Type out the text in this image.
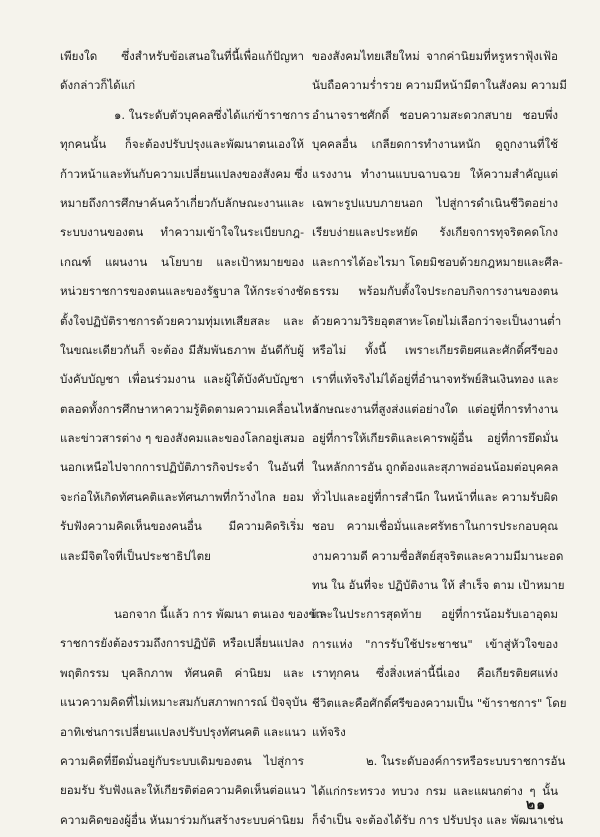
เพียงใด ซึ่งสำหรับข้อเสนอในที่นี้เพื่อแก้ปัญหา
ดังกล่าวก็ได้แก่
๑. ในระดับตัวบุคคลซึ่งได้แก่ข้าราชการ
ทุกคนนั้น ก็จะต้องปรับปรุงและพัฒนาตนเองให้
ก้าวหน้าและทันกับความเปลี่ยนแปลงของสังคม ซึ่ง
หมายถึงการศึกษาค้นคว้าเกี่ยวกับลักษณะงานและ
ระบบงานของตน ทำความเข้าใจในระเบียบกฎ-
เกณฑ์ แผนงาน นโยบาย และเป้าหมายของ
หน่วยราชการของตนและของรัฐบาล ให้กระจ่างชัด
ตั้งใจปฏิบัติราชการด้วยความทุ่มเทเสียสละ และ
ในขณะเดียวกันก็ จะต้อง มีสัมพันธภาพ อันดีกับผู้
บังคับบัญชา เพื่อนร่วมงาน และผู้ใต้บังคับบัญชา
ตลอดทั้งการศึกษาหาความรู้ติดตามความเคลื่อนไหว
และข่าวสารต่าง ๆ ของสังคมและของโลกอยู่เสมอ
นอกเหนือไปจากการปฏิบัติภารกิจประจำ ในอันที่
จะก่อให้เกิดทัศนคติและทัศนภาพที่กว้างไกล ยอม
รับฟังความคิดเห็นของคนอื่น มีความคิดริเริ่ม
และมีจิตใจที่เป็นประชาธิปไตย
นอกจาก นี้แล้ว การ พัฒนา ตนเอง ของข้า-
ราชการยังต้องรวมถึงการปฏิบัติ หรือเปลี่ยนแปลง
พฤติกรรม บุคลิกภาพ ทัศนคติ ค่านิยม และ
แนวความคิดที่ไม่เหมาะสมกับสภาพการณ์ ปัจจุบัน
อาทิเช่นการเปลี่ยนแปลงปรับปรุงทัศนคติ และแนว
ความคิดที่ยึดมั่นอยู่กับระบบเดิมของตน ไปสู่การ
ยอมรับ รับฟังและให้เกียรติต่อความคิดเห็นต่อแนว
ความคิดของผู้อื่น หันมาร่วมกันสร้างระบบค่านิยม
ของสังคมไทยเสียใหม่ จากค่านิยมที่หรูหราฟุ้งเฟ้อ
นับถือความร่ำรวย ความมีหน้ามีตาในสังคม ความมี
อำนาจราชศักดิ์ ชอบความสะดวกสบาย ชอบพึ่ง
บุคคลอื่น เกลียดการทำงานหนัก ดูถูกงานที่ใช้
แรงงาน ทำงานแบบฉาบฉวย ให้ความสำคัญแต่
เฉพาะรูปแบบภายนอก ไปสู่การดำเนินชีวิตอย่าง
เรียบง่ายและประหยัด รังเกียจการทุจริตคดโกง
และการได้อะไรมา โดยมิชอบด้วยกฎหมายและศีล-
ธรรม พร้อมกับตั้งใจประกอบกิจการงานของตน
ด้วยความวิริยอุตสาหะโดยไม่เลือกว่าจะเป็นงานต่ำ
หรือไม่ ทั้งนี้ เพราะเกียรติยศและศักดิ์ศรีของ
เราที่แท้จริงไม่ได้อยู่ที่อำนาจทรัพย์สินเงินทอง และ
ลักษณะงานที่สูงส่งแต่อย่างใด แต่อยู่ที่การทำงาน
อยู่ที่การให้เกียรติและเคารพผู้อื่น อยู่ที่การยึดมั่น
ในหลักการอัน ถูกต้องและสุภาพอ่อนน้อมต่อบุคคล
ทั่วไปและอยู่ที่การสำนึก ในหน้าที่และ ความรับผิด
ชอบ ความเชื่อมั่นและศรัทธาในการประกอบคุณ
งามความดี ความซื่อสัตย์สุจริตและความมีมานะอด
ทน ใน อันที่จะ ปฏิบัติงาน ให้ สำเร็จ ตาม เป้าหมาย
และในประการสุดท้าย อยู่ที่การน้อมรับเอาอุดม
การแห่ง "การรับใช้ประชาชน" เข้าสู่หัวใจของ
เราทุกคน ซึ่งสิ่งเหล่านี้นี่เอง คือเกียรติยศแห่ง
ชีวิตและคือศักดิ์ศรีของความเป็น "ข้าราชการ" โดย
แท้จริง
๒. ในระดับองค์การหรือระบบราชการอัน
ได้แก่กระทรวง ทบวง กรม และแผนกต่าง ๆ นั้น
ก็จำเป็น จะต้องได้รับ การ ปรับปรุง และ พัฒนาเช่น
๒๑
